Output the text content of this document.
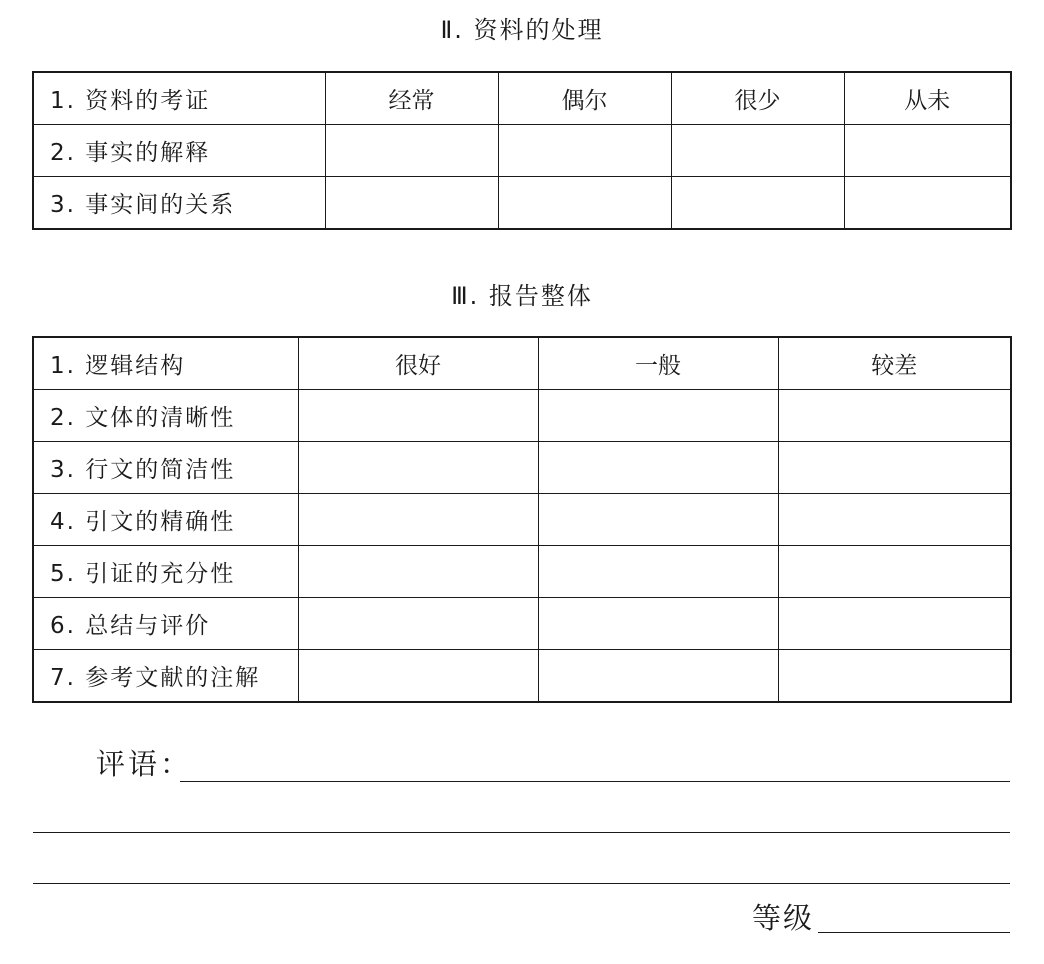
Ⅱ. 资料的处理
1. 资料的考证	经常	偶尔	很少	从未
2. 事实的解释				
3. 事实间的关系				
Ⅲ. 报告整体
1. 逻辑结构	很好	一般	较差
2. 文体的清晰性			
3. 行文的简洁性			
4. 引文的精确性			
5. 引证的充分性			
6. 总结与评价			
7. 参考文献的注解			
评语：
等级
